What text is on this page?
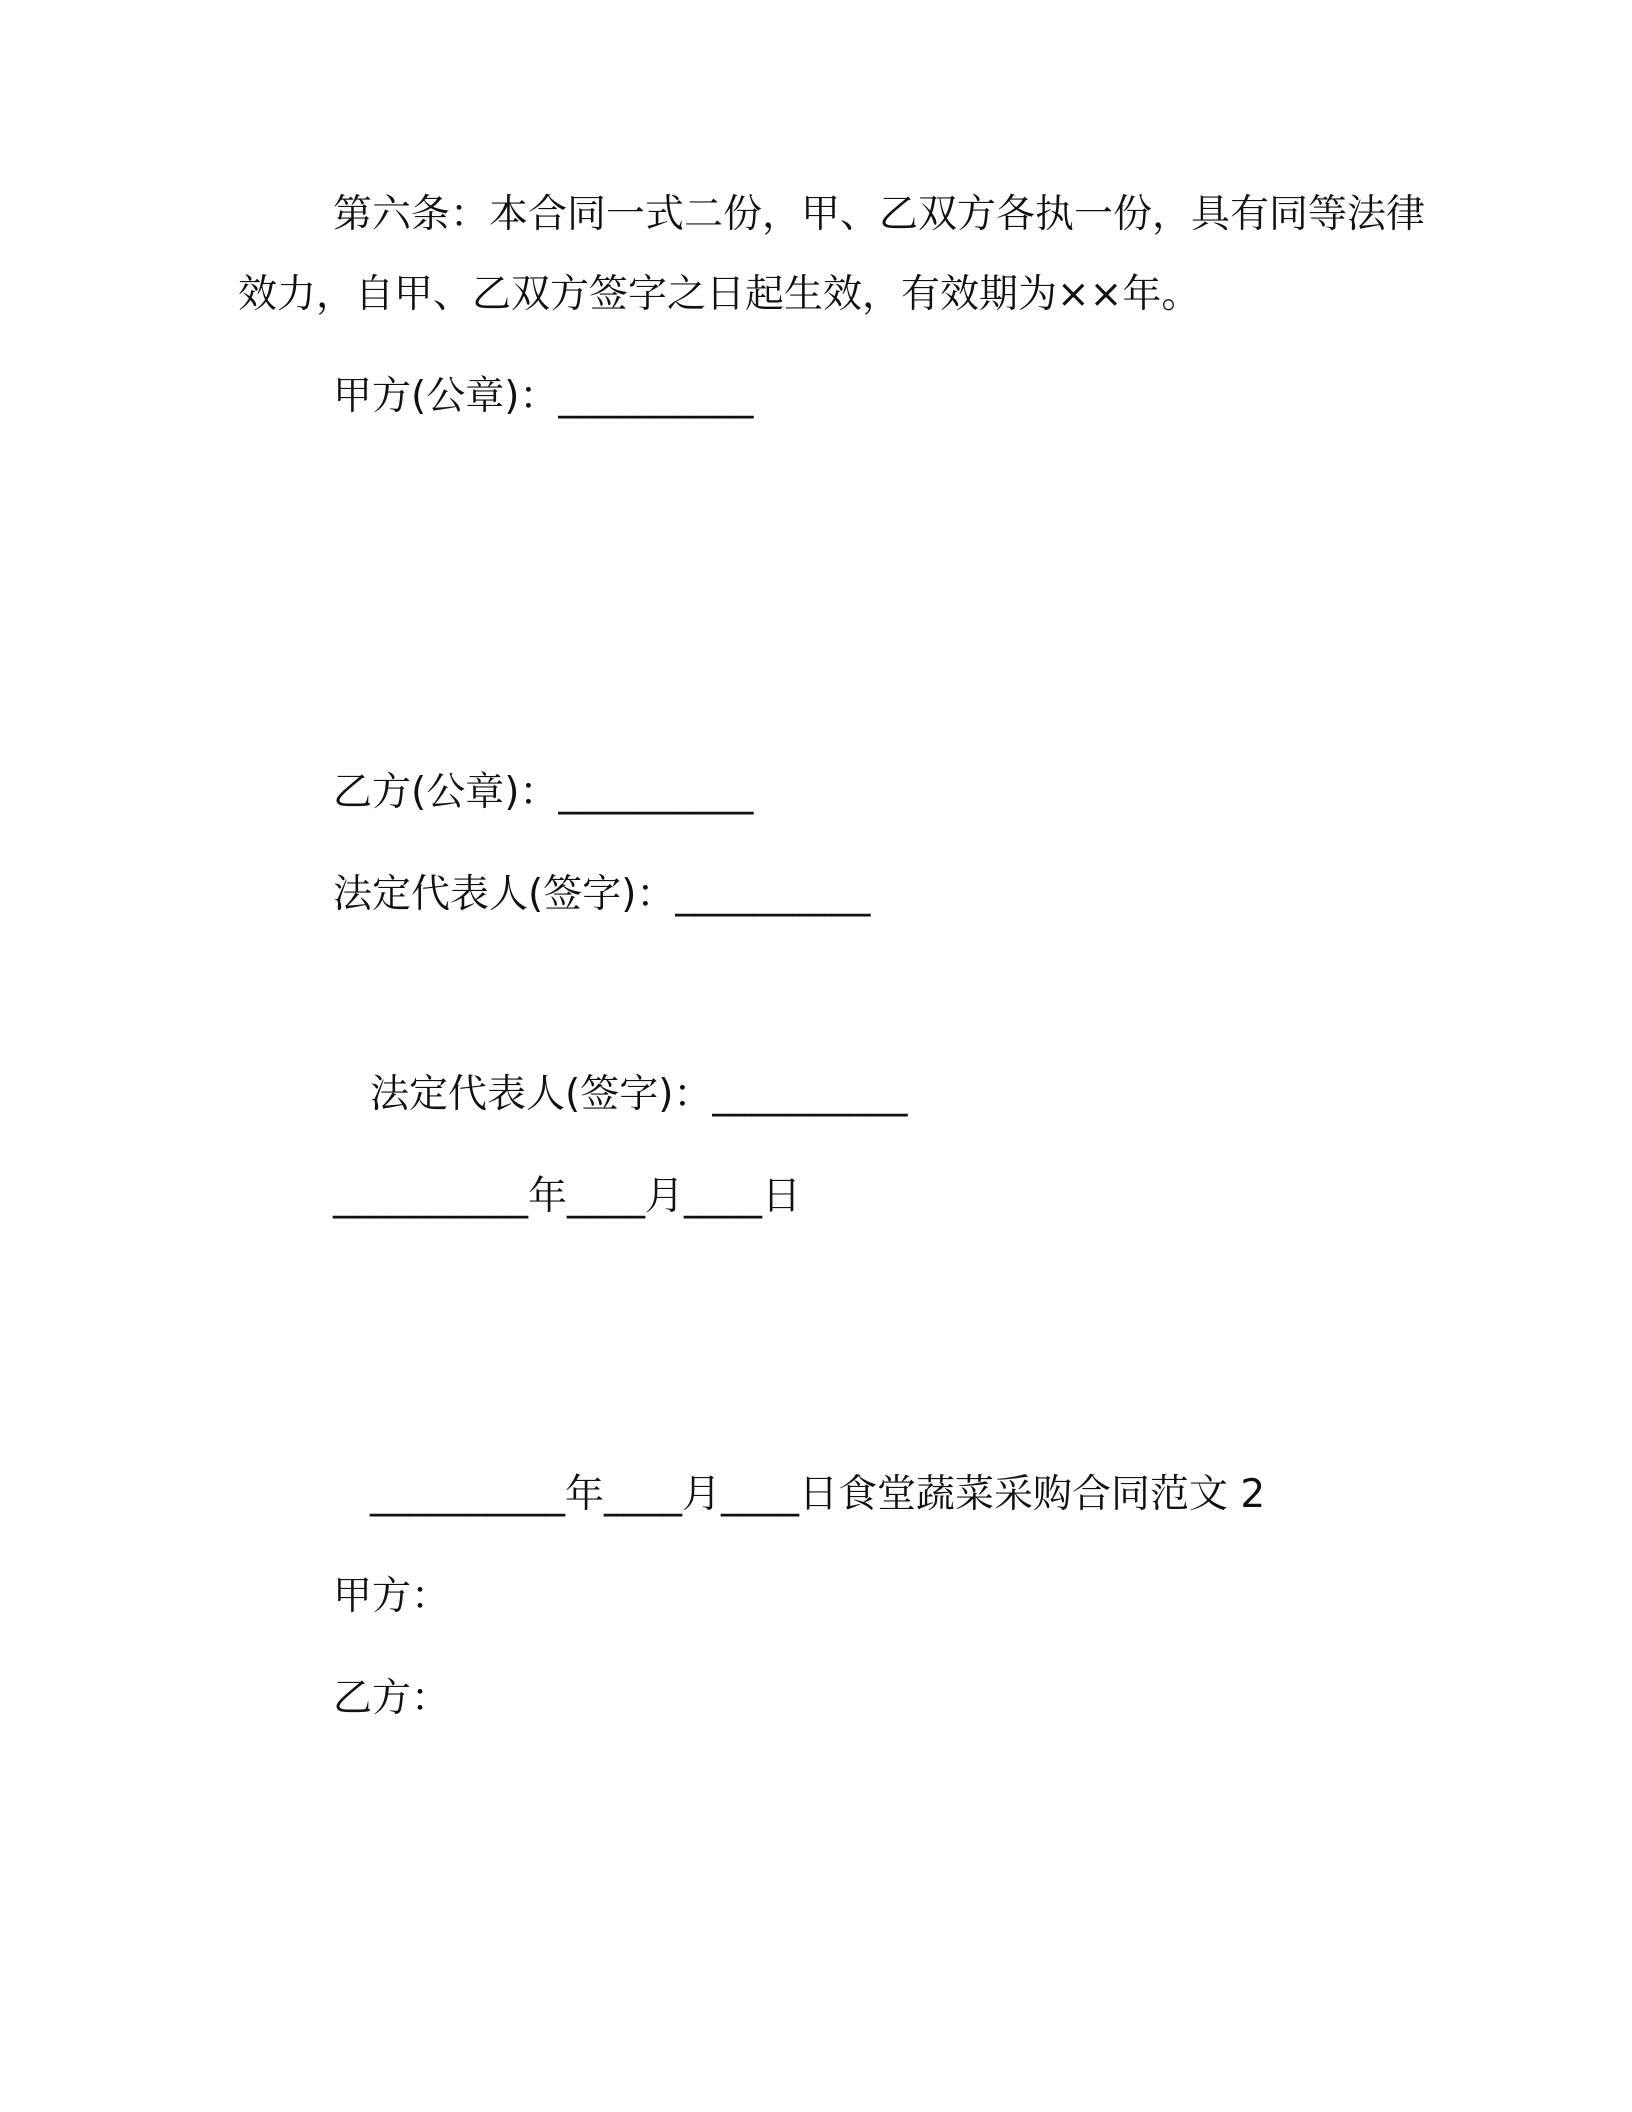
第六条：本合同一式二份，甲、乙双方各执一份，具有同等法律
效力，自甲、乙双方签字之日起生效，有效期为××年。
甲方(公章)：__________
乙方(公章)：__________
法定代表人(签字)：__________
法定代表人(签字)：__________
__________年____月____日
__________年____月____日食堂蔬菜采购合同范文 2
甲方：
乙方：
